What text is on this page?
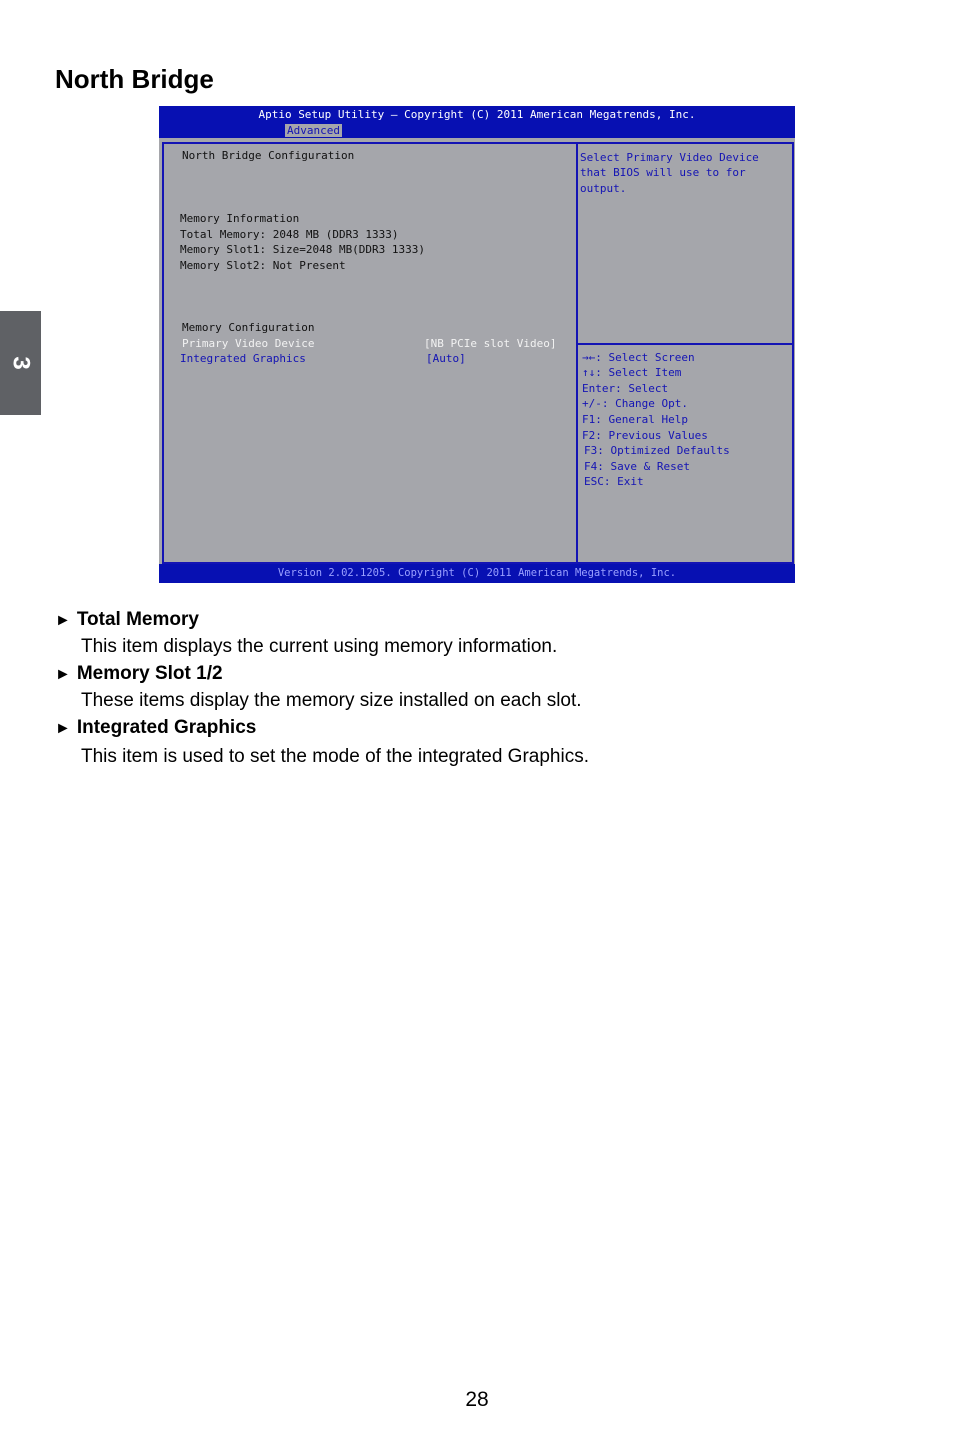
North Bridge
3
Aptio Setup Utility – Copyright (C) 2011 American Megatrends, Inc.
Advanced
North Bridge Configuration
Memory Information
Total Memory: 2048 MB (DDR3 1333)
Memory Slot1: Size=2048 MB(DDR3 1333)
Memory Slot2: Not Present
Memory Configuration
Primary Video Device	[NB PCIe slot Video]
Integrated Graphics	[Auto]
Select Primary Video Device
that BIOS will use to for
output.
→←: Select Screen
↑↓: Select Item
Enter: Select
+/-: Change Opt.
F1: General Help
F2: Previous Values
F3: Optimized Defaults
F4: Save & Reset
ESC: Exit
Version 2.02.1205. Copyright (C) 2011 American Megatrends, Inc.
► Total Memory
This item displays the current using memory information.
► Memory Slot 1/2
These items display the memory size installed on each slot.
► Integrated Graphics
This item is used to set the mode of the integrated Graphics.
28
